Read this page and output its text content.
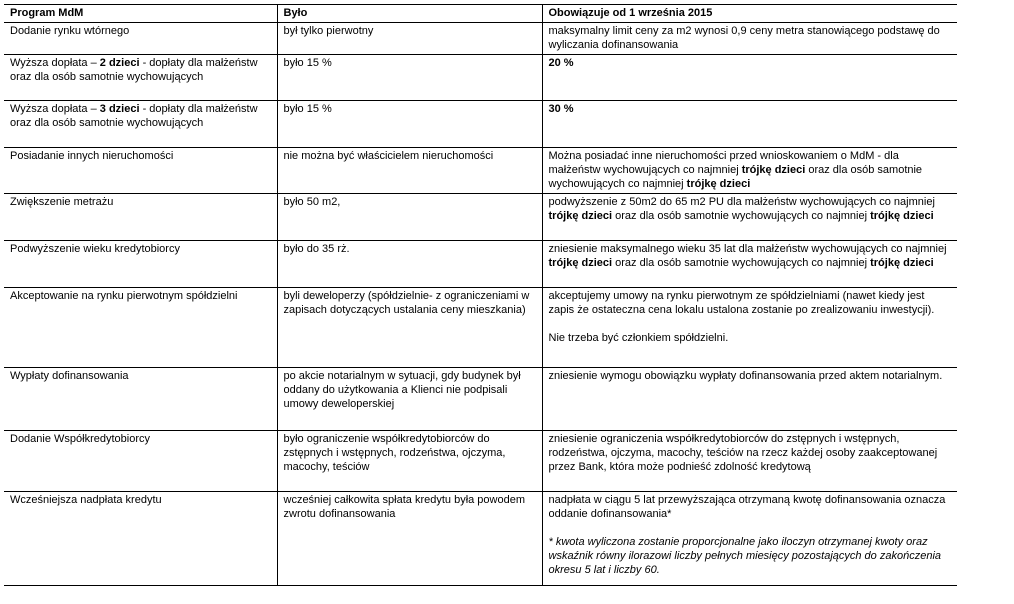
Program MdM	Było	Obowiązuje od 1 września 2015
Dodanie rynku wtórnego	był tylko pierwotny	maksymalny limit ceny za m2 wynosi 0,9 ceny metra stanowiącego podstawę do wyliczania dofinansowania
Wyższa dopłata – 2 dzieci - dopłaty dla małżeństw oraz dla osób samotnie wychowujących	było 15 %	20 %
Wyższa dopłata – 3 dzieci - dopłaty dla małżeństw oraz dla osób samotnie wychowujących	było 15 %	30 %
Posiadanie innych nieruchomości	nie można być właścicielem nieruchomości	Można posiadać inne nieruchomości przed wnioskowaniem o MdM - dla małżeństw wychowujących co najmniej trójkę dzieci oraz dla osób samotnie wychowujących co najmniej trójkę dzieci
Zwiększenie metrażu	było 50 m2,	podwyższenie z 50m2 do 65 m2 PU dla małżeństw wychowujących co najmniej trójkę dzieci oraz dla osób samotnie wychowujących co najmniej trójkę dzieci
Podwyższenie wieku kredytobiorcy	było do 35 rż.	zniesienie maksymalnego wieku 35 lat dla małżeństw wychowujących co najmniej trójkę dzieci oraz dla osób samotnie wychowujących co najmniej trójkę dzieci
Akceptowanie na rynku pierwotnym spółdzielni	byli deweloperzy (spółdzielnie- z ograniczeniami w zapisach dotyczących ustalania ceny mieszkania)	akceptujemy umowy na rynku pierwotnym ze spółdzielniami (nawet kiedy jest zapis że ostateczna cena lokalu ustalona zostanie po zrealizowaniu inwestycji).
Nie trzeba być członkiem spółdzielni.
Wypłaty dofinansowania	po akcie notarialnym w sytuacji, gdy budynek był oddany do użytkowania a Klienci nie podpisali umowy deweloperskiej	zniesienie wymogu obowiązku wypłaty dofinansowania przed aktem notarialnym.
Dodanie Współkredytobiorcy	było ograniczenie współkredytobiorców do zstępnych i wstępnych, rodzeństwa, ojczyma, macochy, teściów	zniesienie ograniczenia współkredytobiorców do zstępnych i wstępnych, rodzeństwa, ojczyma, macochy, teściów na rzecz każdej osoby zaakceptowanej przez Bank, która może podnieść zdolność kredytową
Wcześniejsza nadpłata kredytu	wcześniej całkowita spłata kredytu była powodem zwrotu dofinansowania	nadpłata w ciągu 5 lat przewyższająca otrzymaną kwotę dofinansowania oznacza oddanie dofinansowania*
* kwota wyliczona zostanie proporcjonalne jako iloczyn otrzymanej kwoty oraz wskaźnik równy ilorazowi liczby pełnych miesięcy pozostających do zakończenia okresu 5 lat i liczby 60.
